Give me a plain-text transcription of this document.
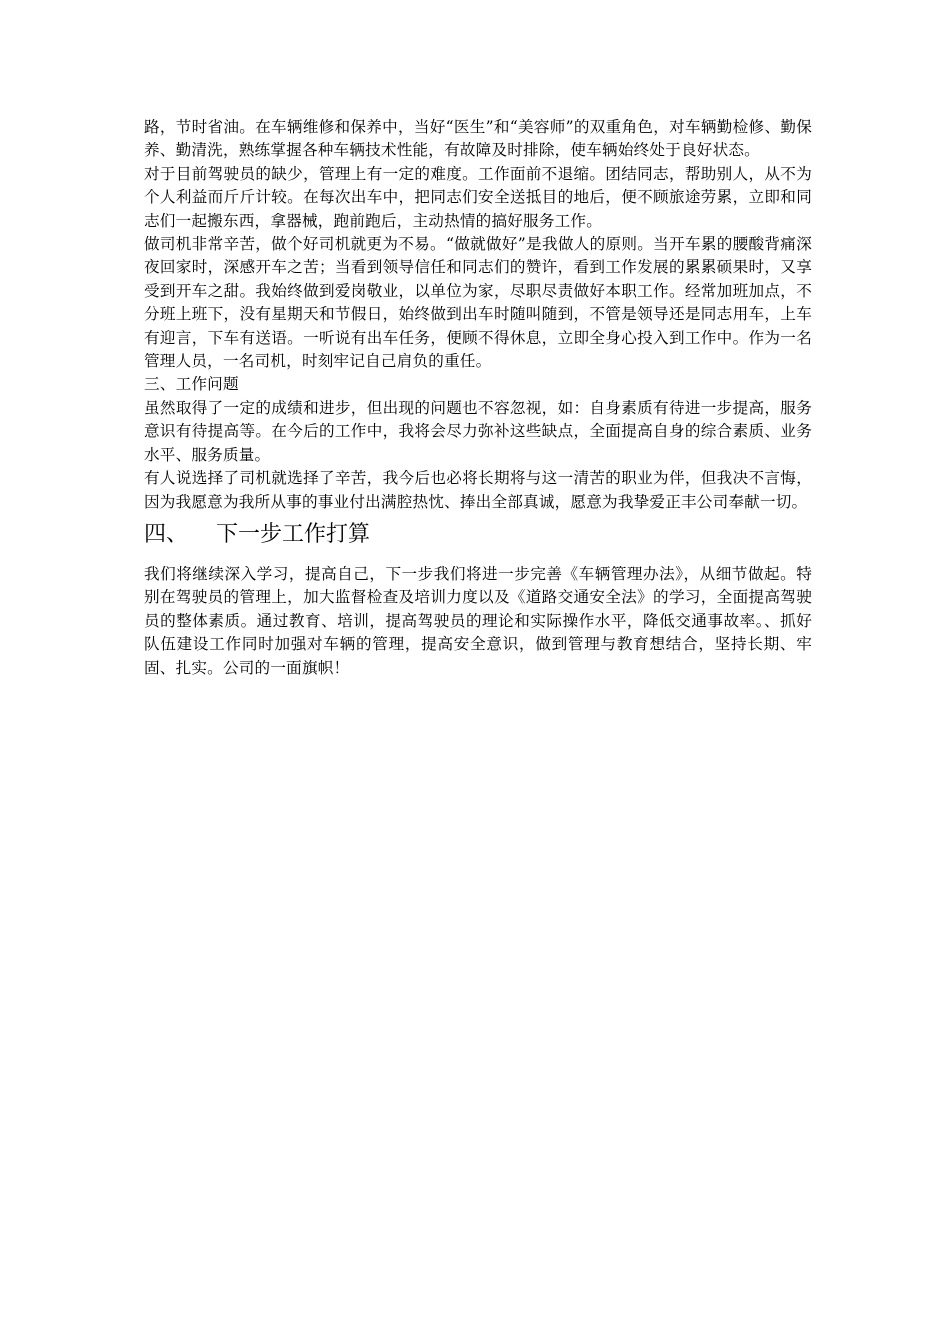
路，节时省油。在车辆维修和保养中，当好“医生”和“美容师”的双重角色，对车辆勤检修、勤保养、勤清洗，熟练掌握各种车辆技术性能，有故障及时排除，使车辆始终处于良好状态。

对于目前驾驶员的缺少，管理上有一定的难度。工作面前不退缩。团结同志，帮助别人，从不为个人利益而斤斤计较。在每次出车中，把同志们安全送抵目的地后，便不顾旅途劳累，立即和同志们一起搬东西，拿器械，跑前跑后，主动热情的搞好服务工作。

做司机非常辛苦，做个好司机就更为不易。“做就做好”是我做人的原则。当开车累的腰酸背痛深夜回家时，深感开车之苦；当看到领导信任和同志们的赞许，看到工作发展的累累硕果时，又享受到开车之甜。我始终做到爱岗敬业，以单位为家，尽职尽责做好本职工作。经常加班加点，不分班上班下，没有星期天和节假日，始终做到出车时随叫随到，不管是领导还是同志用车，上车有迎言，下车有送语。一听说有出车任务，便顾不得休息，立即全身心投入到工作中。作为一名管理人员，一名司机，时刻牢记自己肩负的重任。

三、工作问题

虽然取得了一定的成绩和进步，但出现的问题也不容忽视，如：自身素质有待进一步提高，服务意识有待提高等。在今后的工作中，我将会尽力弥补这些缺点，全面提高自身的综合素质、业务水平、服务质量。

有人说选择了司机就选择了辛苦，我今后也必将长期将与这一清苦的职业为伴，但我决不言悔，因为我愿意为我所从事的事业付出满腔热忱、捧出全部真诚，愿意为我挚爱正丰公司奉献一切。

四、 下一步工作打算

我们将继续深入学习，提高自己，下一步我们将进一步完善《车辆管理办法》，从细节做起。特别在驾驶员的管理上，加大监督检查及培训力度以及《道路交通安全法》的学习，全面提高驾驶员的整体素质。通过教育、培训，提高驾驶员的理论和实际操作水平，降低交通事故率。、抓好队伍建设工作同时加强对车辆的管理，提高安全意识，做到管理与教育想结合，坚持长期、牢固、扎实。公司的一面旗帜！
